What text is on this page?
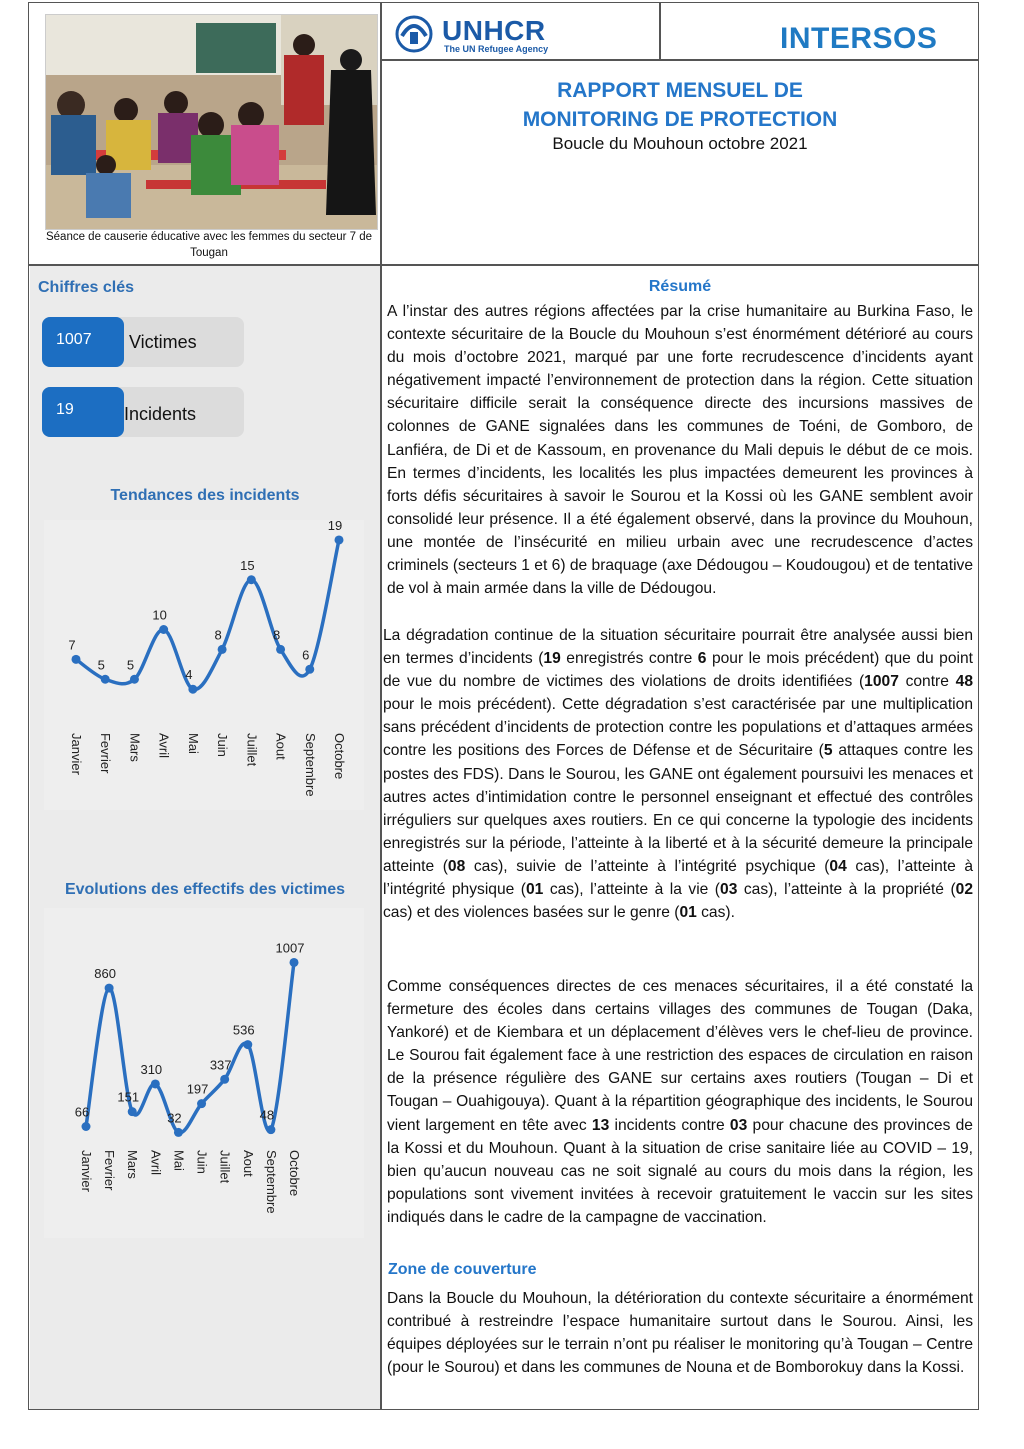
Séance de causerie éducative avec les femmes du secteur 7 de Tougan
UNHCR
The UN Refugee Agency	INTERSOS
RAPPORT MENSUEL DE
MONITORING DE PROTECTION
Boucle du Mouhoun octobre 2021
Chiffres clés
1007	Victimes
19	Incidents
Tendances des incidents
7
Janvier
5
Fevrier
5
Mars
10
Avril
4
Mai
8
Juin
15
Juillet
8
Aout
6
Septembre
19
Octobre
Evolutions des effectifs des victimes
66
Janvier
860
Fevrier
151
Mars
310
Avril
32
Mai
197
Juin
337
Juillet
536
Aout
48
Septembre
1007
Octobre
Résumé
A l’instar des autres régions affectées par la crise humanitaire au Burkina Faso, le contexte sécuritaire de la Boucle du Mouhoun s’est énormément détérioré au cours du mois d’octobre 2021, marqué par une forte recrudescence d’incidents ayant négativement impacté l’environnement de protection dans la région. Cette situation sécuritaire difficile serait la conséquence directe des incursions massives de colonnes de GANE signalées dans les communes de Toéni, de Gomboro, de Lanfiéra, de Di et de Kassoum, en provenance du Mali depuis le début de ce mois. En termes d’incidents, les localités les plus impactées demeurent les provinces à forts défis sécuritaires à savoir le Sourou et la Kossi où les GANE semblent avoir consolidé leur présence. Il a été également observé, dans la province du Mouhoun, une montée de l’insécurité en milieu urbain avec une recrudescence d’actes criminels (secteurs 1 et 6) de braquage (axe Dédougou – Koudougou) et de tentative de vol à main armée dans la ville de Dédougou.
La dégradation continue de la situation sécuritaire pourrait être analysée aussi bien en termes d’incidents (19 enregistrés contre 6 pour le mois précédent) que du point de vue du nombre de victimes des violations de droits identifiées (1007 contre 48 pour le mois précédent). Cette dégradation s’est caractérisée par une multiplication sans précédent d’incidents de protection contre les populations et d’attaques armées contre les positions des Forces de Défense et de Sécuritaire (5 attaques contre les postes des FDS). Dans le Sourou, les GANE ont également poursuivi les menaces et autres actes d’intimidation contre le personnel enseignant et effectué des contrôles irréguliers sur quelques axes routiers. En ce qui concerne la typologie des incidents enregistrés sur la période, l’atteinte à la liberté et à la sécurité demeure la principale atteinte (08 cas), suivie de l’atteinte à l’intégrité psychique (04 cas), l’atteinte à l’intégrité physique (01 cas), l’atteinte à la vie (03 cas), l’atteinte à la propriété (02 cas) et des violences basées sur le genre (01 cas).
Comme conséquences directes de ces menaces sécuritaires, il a été constaté la fermeture des écoles dans certains villages des communes de Tougan (Daka, Yankoré) et de Kiembara et un déplacement d’élèves vers le chef-lieu de province. Le Sourou fait également face à une restriction des espaces de circulation en raison de la présence régulière des GANE sur certains axes routiers (Tougan – Di et Tougan – Ouahigouya). Quant à la répartition géographique des incidents, le Sourou vient largement en tête avec 13 incidents contre 03 pour chacune des provinces de la Kossi et du Mouhoun. Quant à la situation de crise sanitaire liée au COVID – 19, bien qu’aucun nouveau cas ne soit signalé au cours du mois dans la région, les populations sont vivement invitées à recevoir gratuitement le vaccin sur les sites indiqués dans le cadre de la campagne de vaccination.
Zone de couverture
Dans la Boucle du Mouhoun, la détérioration du contexte sécuritaire a énormément contribué à restreindre l’espace humanitaire surtout dans le Sourou. Ainsi, les équipes déployées sur le terrain n’ont pu réaliser le monitoring qu’à Tougan – Centre (pour le Sourou) et dans les communes de Nouna et de Bomborokuy dans la Kossi.
